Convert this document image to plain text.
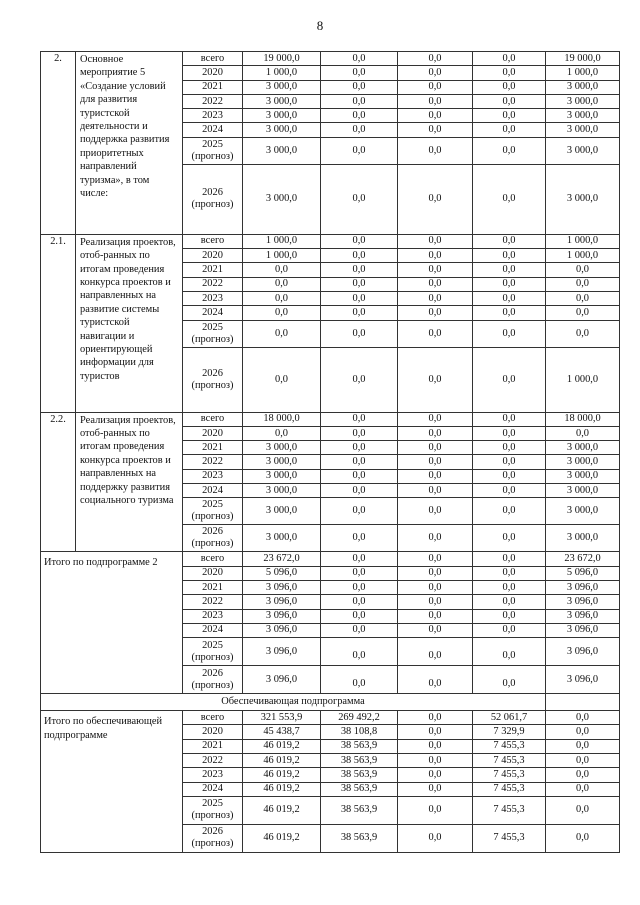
8
2.	Основное мероприятие 5 «Создание условий для развития туристской деятельности и поддержка развития приоритетных направлений туризма», в том числе:	всего	19 000,0	0,0	0,0	0,0	19 000,0
		2020	1 000,0	0,0	0,0	0,0	1 000,0
		2021	3 000,0	0,0	0,0	0,0	3 000,0
		2022	3 000,0	0,0	0,0	0,0	3 000,0
		2023	3 000,0	0,0	0,0	0,0	3 000,0
		2024	3 000,0	0,0	0,0	0,0	3 000,0
		2025
(прогноз)	3 000,0	0,0	0,0	0,0	3 000,0
		2026
(прогноз)	3 000,0	0,0	0,0	0,0	3 000,0
2.1.	Реализация проектов, отоб-ранных по итогам проведения конкурса проектов и направленных на развитие системы туристской навигации и ориентирующей информации для туристов	всего	1 000,0	0,0	0,0	0,0	1 000,0
		2020	1 000,0	0,0	0,0	0,0	1 000,0
		2021	0,0	0,0	0,0	0,0	0,0
		2022	0,0	0,0	0,0	0,0	0,0
		2023	0,0	0,0	0,0	0,0	0,0
		2024	0,0	0,0	0,0	0,0	0,0
		2025
(прогноз)	0,0	0,0	0,0	0,0	0,0
		2026
(прогноз)	0,0	0,0	0,0	0,0	1 000,0
2.2.	Реализация проектов, отоб-ранных по итогам проведения конкурса проектов и направленных на поддержку развития социального туризма	всего	18 000,0	0,0	0,0	0,0	18 000,0
		2020	0,0	0,0	0,0	0,0	0,0
		2021	3 000,0	0,0	0,0	0,0	3 000,0
		2022	3 000,0	0,0	0,0	0,0	3 000,0
		2023	3 000,0	0,0	0,0	0,0	3 000,0
		2024	3 000,0	0,0	0,0	0,0	3 000,0
		2025
(прогноз)	3 000,0	0,0	0,0	0,0	3 000,0
		2026
(прогноз)	3 000,0	0,0	0,0	0,0	3 000,0
Итого по подпрограмме 2		всего	23 672,0	0,0	0,0	0,0	23 672,0
		2020	5 096,0	0,0	0,0	0,0	5 096,0
		2021	3 096,0	0,0	0,0	0,0	3 096,0
		2022	3 096,0	0,0	0,0	0,0	3 096,0
		2023	3 096,0	0,0	0,0	0,0	3 096,0
		2024	3 096,0	0,0	0,0	0,0	3 096,0
		2025
(прогноз)	3 096,0	0,0	0,0	0,0	3 096,0
		2026
(прогноз)	3 096,0	0,0	0,0	0,0	3 096,0
Обеспечивающая подпрограмма							
Итого по обеспечивающей подпрограмме		всего	321 553,9	269 492,2	0,0	52 061,7	0,0
		2020	45 438,7	38 108,8	0,0	7 329,9	0,0
		2021	46 019,2	38 563,9	0,0	7 455,3	0,0
		2022	46 019,2	38 563,9	0,0	7 455,3	0,0
		2023	46 019,2	38 563,9	0,0	7 455,3	0,0
		2024	46 019,2	38 563,9	0,0	7 455,3	0,0
		2025
(прогноз)	46 019,2	38 563,9	0,0	7 455,3	0,0
		2026
(прогноз)	46 019,2	38 563,9	0,0	7 455,3	0,0
